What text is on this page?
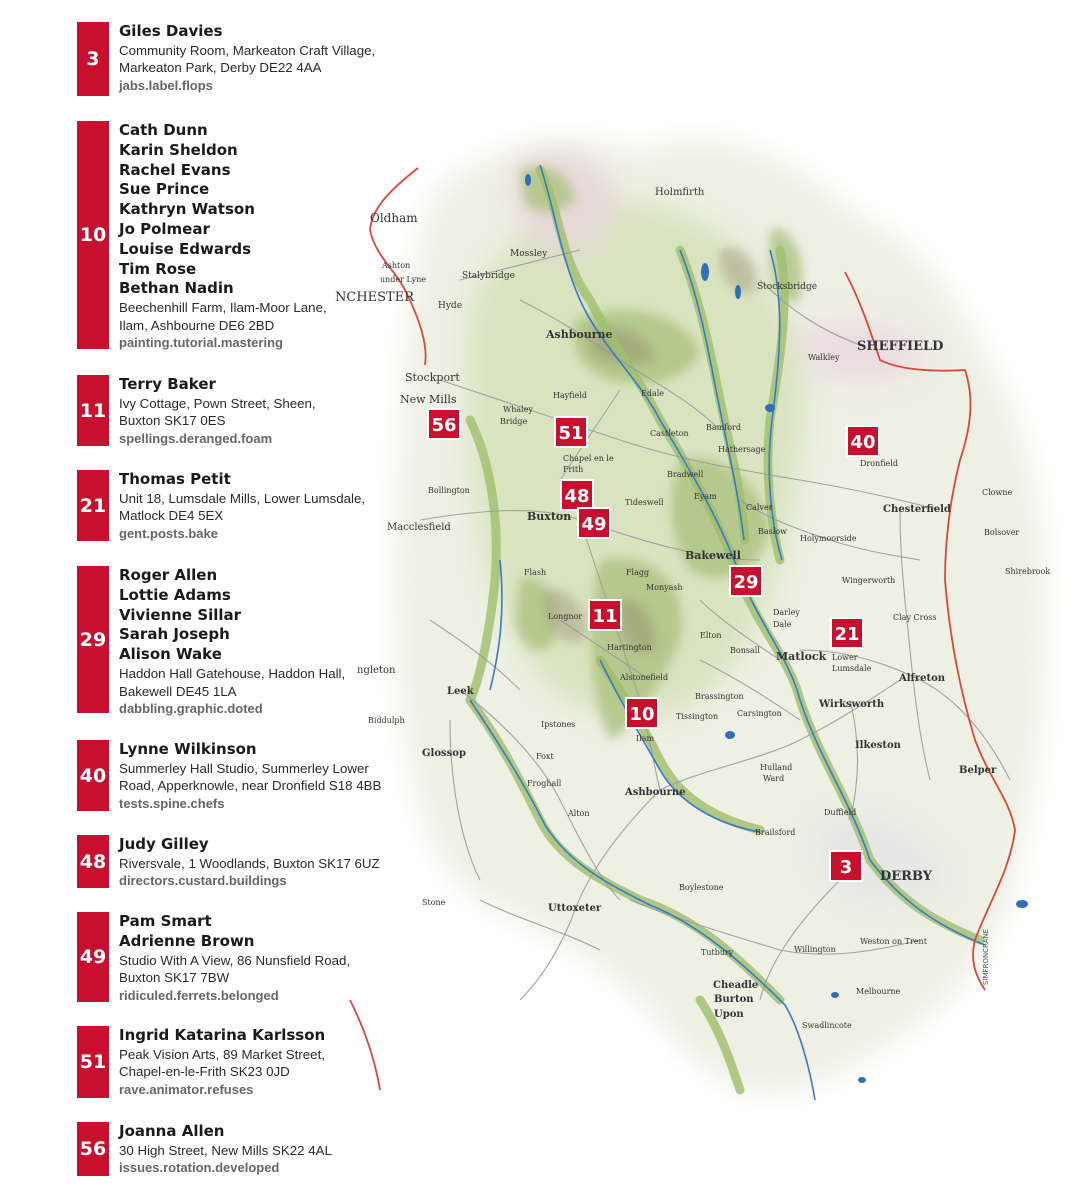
Holmfirth
Mossley
Stalybridge
Ashton
under Lyne
Hyde
Stocksbridge
Oldham
NCHESTER
SHEFFIELD
Ashbourne
Stockport
New Mills
Whaley
Bridge
Hayfield	Edale
Castleton
Bamford
Hathersage
Chapel en le
Frith
Bradwell
Tideswell
Eyam
Calver
Baslow
Holymoorside
Dronfield
Chesterfield
Wingerworth
Clay Cross
Clowne
Bolsover
Shirebrook
Bollington
Macclesfield
Buxton
Bakewell
Flash	Flagg
Monyash
Longnor
Hartington
Alstonefield
Elton
Bonsall
Darley
Dale
Matlock Lower
Lumsdale
Alfreton
ngleton
Biddulph
Leek	Brassington
Tissington Carsington
Wirksworth
Ipstones
Ilam
Ilkeston
Glossop	Foxt
Hulland
Ward
Belper
Froghall
Alton	Duffield
Brailsford
DERBY
Boylestone
Stone
Uttoxeter
Tutbury	Willington
Weston on Trent
Cheadle
Burton
Upon
Melbourne
Swadlincote
Walkley
Ashbourne
SIMFRONCRANE
3
10
11
21
29
40
48
49
51
56
3
Giles Davies
Community Room, Markeaton Craft Village,
Markeaton Park, Derby DE22 4AA
jabs.label.flops
10
Cath Dunn
Karin Sheldon
Rachel Evans
Sue Prince
Kathryn Watson
Jo Polmear
Louise Edwards
Tim Rose
Bethan Nadin
Beechenhill Farm, Ilam-Moor Lane,
Ilam, Ashbourne DE6 2BD
painting.tutorial.mastering
11
Terry Baker
Ivy Cottage, Pown Street, Sheen,
Buxton SK17 0ES
spellings.deranged.foam
21
Thomas Petit
Unit 18, Lumsdale Mills, Lower Lumsdale,
Matlock DE4 5EX
gent.posts.bake
29
Roger Allen
Lottie Adams
Vivienne Sillar
Sarah Joseph
Alison Wake
Haddon Hall Gatehouse, Haddon Hall,
Bakewell DE45 1LA
dabbling.graphic.doted
40
Lynne Wilkinson
Summerley Hall Studio, Summerley Lower
Road, Apperknowle, near Dronfield S18 4BB
tests.spine.chefs
48
Judy Gilley
Riversvale, 1 Woodlands, Buxton SK17 6UZ
directors.custard.buildings
49
Pam Smart
Adrienne Brown
Studio With A View, 86 Nunsfield Road,
Buxton SK17 7BW
ridiculed.ferrets.belonged
51
Ingrid Katarina Karlsson
Peak Vision Arts, 89 Market Street,
Chapel-en-le-Frith SK23 0JD
rave.animator.refuses
56
Joanna Allen
30 High Street, New Mills SK22 4AL
issues.rotation.developed
